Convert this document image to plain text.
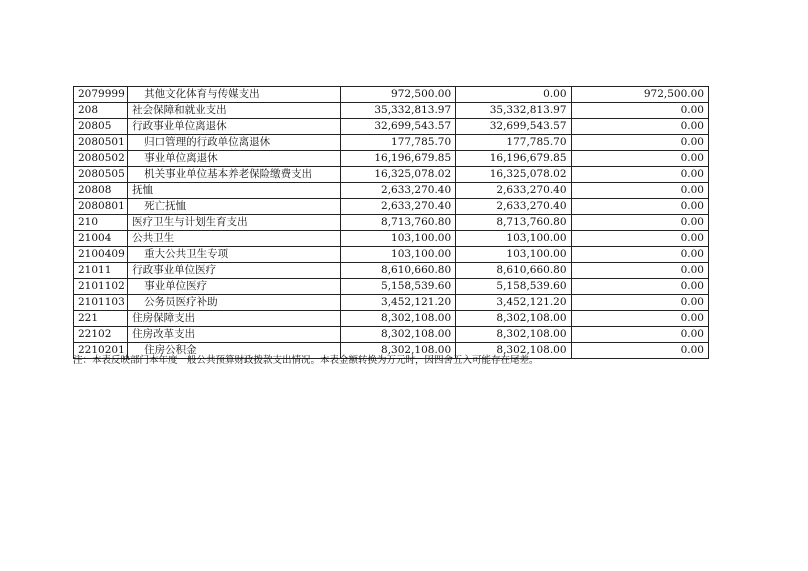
2079999	其他文化体育与传媒支出	972,500.00	0.00	972,500.00
208	社会保障和就业支出	35,332,813.97	35,332,813.97	0.00
20805	行政事业单位离退休	32,699,543.57	32,699,543.57	0.00
2080501	归口管理的行政单位离退休	177,785.70	177,785.70	0.00
2080502	事业单位离退休	16,196,679.85	16,196,679.85	0.00
2080505	机关事业单位基本养老保险缴费支出	16,325,078.02	16,325,078.02	0.00
20808	抚恤	2,633,270.40	2,633,270.40	0.00
2080801	死亡抚恤	2,633,270.40	2,633,270.40	0.00
210	医疗卫生与计划生育支出	8,713,760.80	8,713,760.80	0.00
21004	公共卫生	103,100.00	103,100.00	0.00
2100409	重大公共卫生专项	103,100.00	103,100.00	0.00
21011	行政事业单位医疗	8,610,660.80	8,610,660.80	0.00
2101102	事业单位医疗	5,158,539.60	5,158,539.60	0.00
2101103	公务员医疗补助	3,452,121.20	3,452,121.20	0.00
221	住房保障支出	8,302,108.00	8,302,108.00	0.00
22102	住房改革支出	8,302,108.00	8,302,108.00	0.00
2210201	住房公积金	8,302,108.00	8,302,108.00	0.00
注：本表反映部门本年度一般公共预算财政拨款支出情况。本表金额转换为万元时，因四舍五入可能存在尾差。
